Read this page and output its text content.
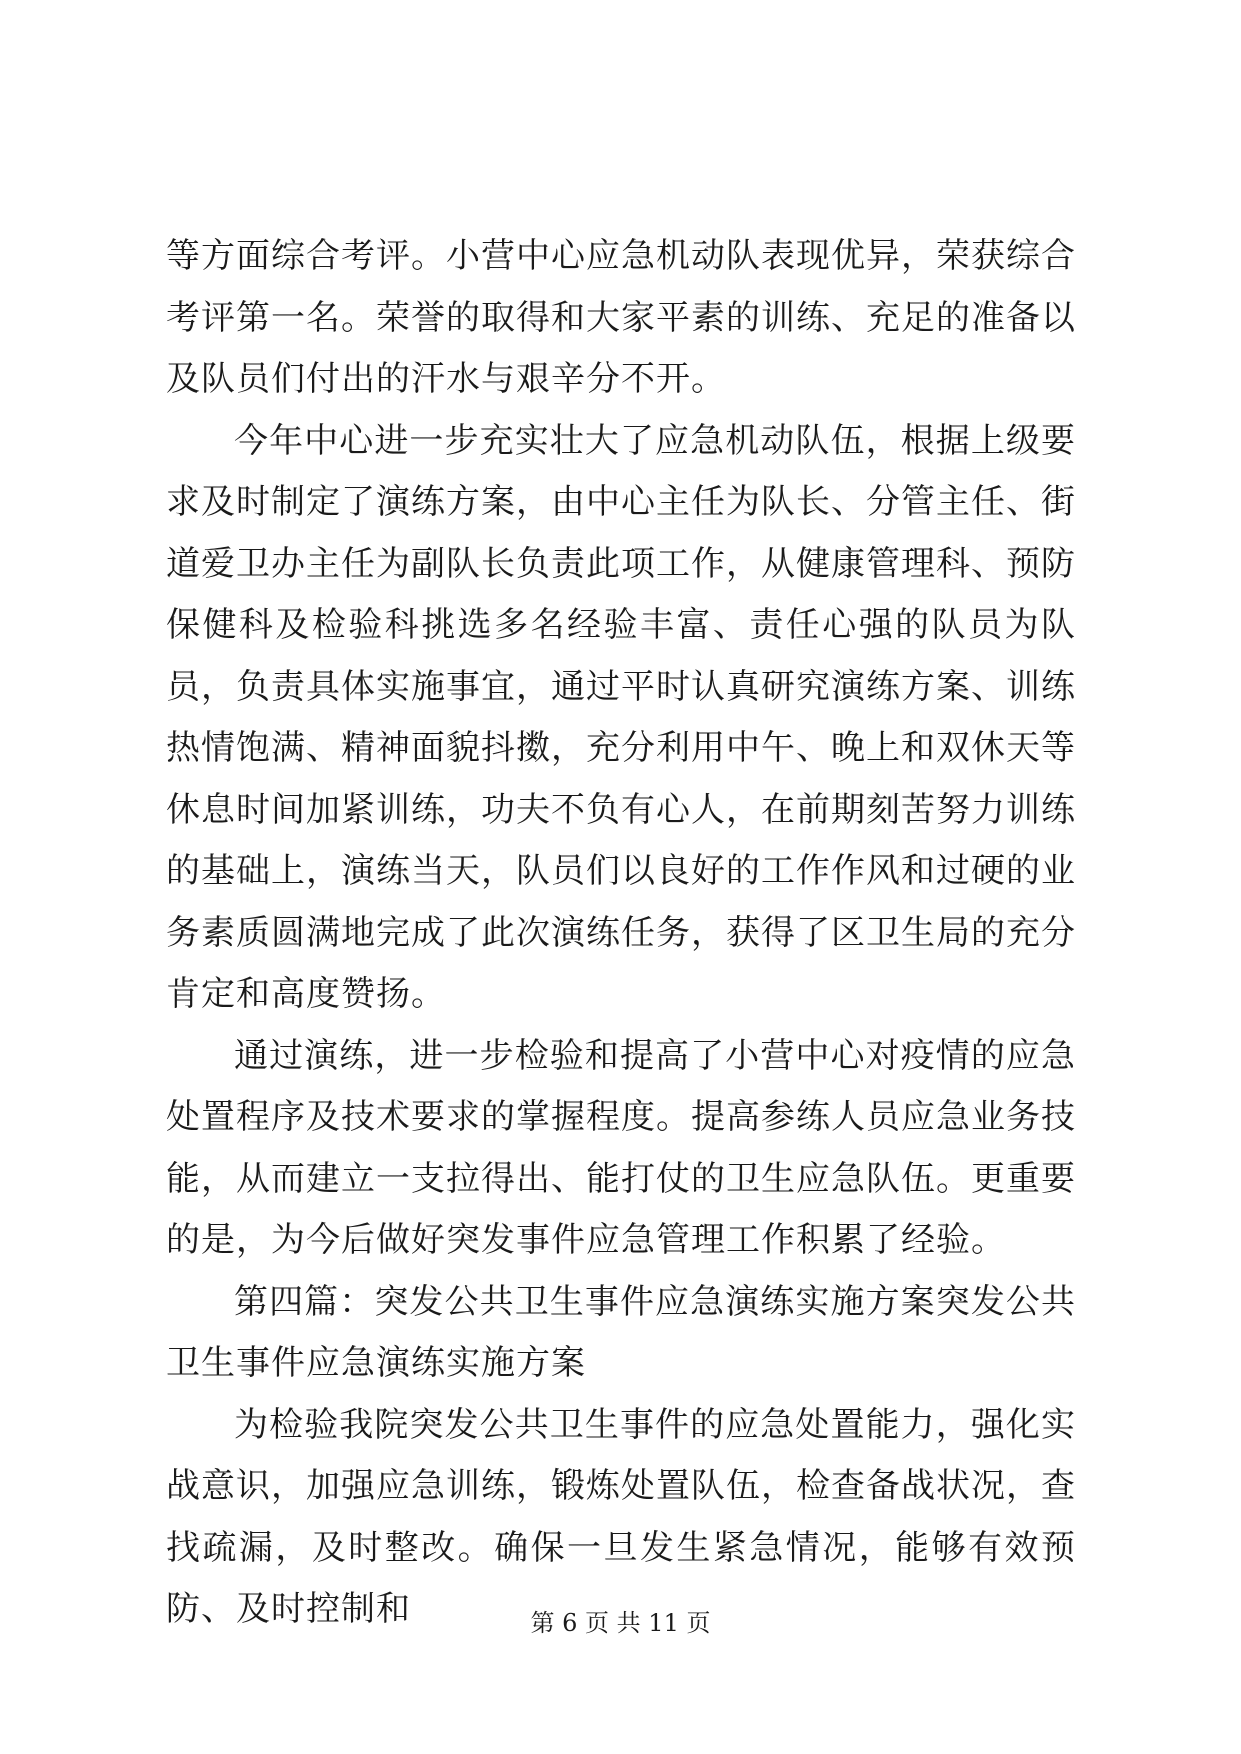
等方面综合考评。小营中心应急机动队表现优异，荣获综合考评第一名。荣誉的取得和大家平素的训练、充足的准备以及队员们付出的汗水与艰辛分不开。

今年中心进一步充实壮大了应急机动队伍，根据上级要求及时制定了演练方案，由中心主任为队长、分管主任、街道爱卫办主任为副队长负责此项工作，从健康管理科、预防保健科及检验科挑选多名经验丰富、责任心强的队员为队员，负责具体实施事宜，通过平时认真研究演练方案、训练热情饱满、精神面貌抖擞，充分利用中午、晚上和双休天等休息时间加紧训练，功夫不负有心人，在前期刻苦努力训练的基础上，演练当天，队员们以良好的工作作风和过硬的业务素质圆满地完成了此次演练任务，获得了区卫生局的充分肯定和高度赞扬。

通过演练，进一步检验和提高了小营中心对疫情的应急处置程序及技术要求的掌握程度。提高参练人员应急业务技能，从而建立一支拉得出、能打仗的卫生应急队伍。更重要的是，为今后做好突发事件应急管理工作积累了经验。

第四篇：突发公共卫生事件应急演练实施方案突发公共卫生事件应急演练实施方案

为检验我院突发公共卫生事件的应急处置能力，强化实战意识，加强应急训练，锻炼处置队伍，检查备战状况，查找疏漏，及时整改。确保一旦发生紧急情况，能够有效预防、及时控制和	第 6 页 共 11 页
